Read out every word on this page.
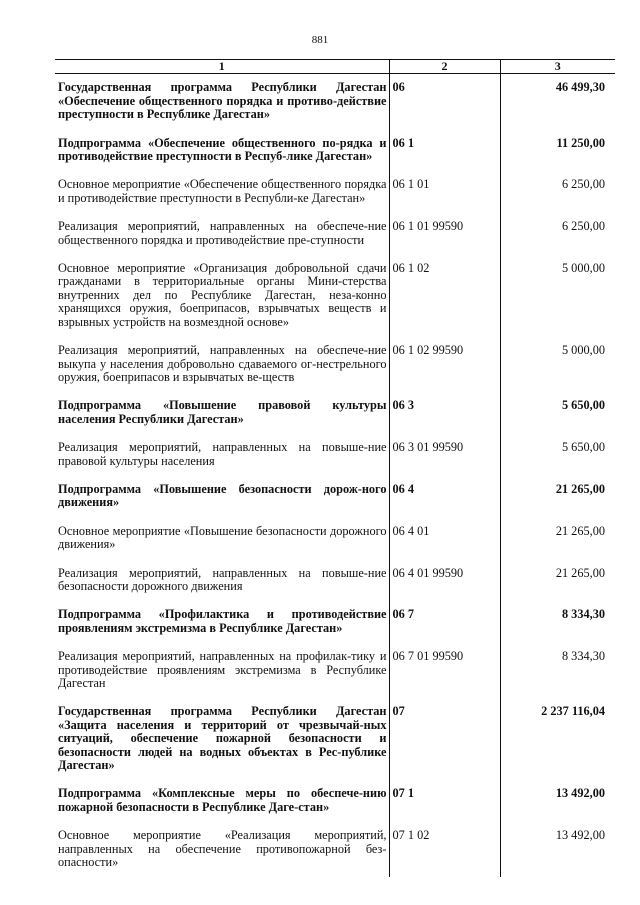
881
1	2	3
Государственная программа Республики Дагестан «Обеспечение общественного порядка и противо-действие преступности в Республике Дагестан»	06	46 499,30
Подпрограмма «Обеспечение общественного по-рядка и противодействие преступности в Респуб-лике Дагестан»	06 1	11 250,00
Основное мероприятие «Обеспечение общественного порядка и противодействие преступности в Республи-ке Дагестан»	06 1 01	6 250,00
Реализация мероприятий, направленных на обеспече-ние общественного порядка и противодействие пре-ступности	06 1 01 99590	6 250,00
Основное мероприятие «Организация добровольной сдачи гражданами в территориальные органы Мини-стерства внутренних дел по Республике Дагестан, неза-конно хранящихся оружия, боеприпасов, взрывчатых веществ и взрывных устройств на возмездной основе»	06 1 02	5 000,00
Реализация мероприятий, направленных на обеспече-ние выкупа у населения добровольно сдаваемого ог-нестрельного оружия, боеприпасов и взрывчатых ве-ществ	06 1 02 99590	5 000,00
Подпрограмма «Повышение правовой культуры населения Республики Дагестан»	06 3	5 650,00
Реализация мероприятий, направленных на повыше-ние правовой культуры населения	06 3 01 99590	5 650,00
Подпрограмма «Повышение безопасности дорож-ного движения»	06 4	21 265,00
Основное мероприятие «Повышение безопасности дорожного движения»	06 4 01	21 265,00
Реализация мероприятий, направленных на повыше-ние безопасности дорожного движения	06 4 01 99590	21 265,00
Подпрограмма «Профилактика и противодействие проявлениям экстремизма в Республике Дагестан»	06 7	8 334,30
Реализация мероприятий, направленных на профилак-тику и противодействие проявлениям экстремизма в Республике Дагестан	06 7 01 99590	8 334,30
Государственная программа Республики Дагестан «Защита населения и территорий от чрезвычай-ных ситуаций, обеспечение пожарной безопасности и безопасности людей на водных объектах в Рес-публике Дагестан»	07	2 237 116,04
Подпрограмма «Комплексные меры по обеспече-нию пожарной безопасности в Республике Даге-стан»	07 1	13 492,00
Основное мероприятие «Реализация мероприятий, направленных на обеспечение противопожарной без-опасности»	07 1 02	13 492,00
